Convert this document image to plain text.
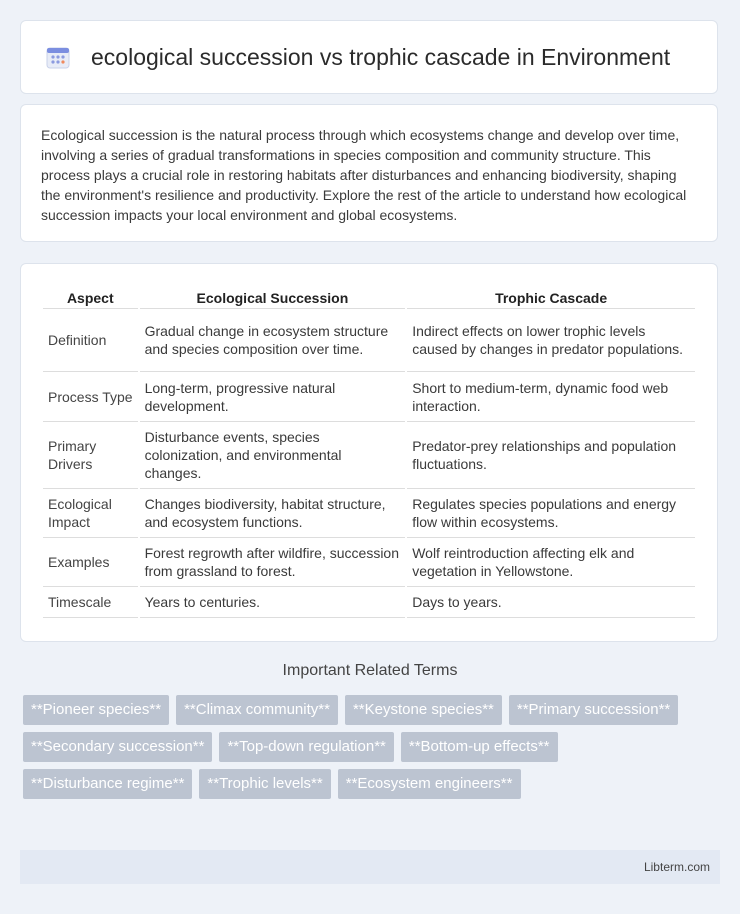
ecological succession vs trophic cascade in Environment

Ecological succession is the natural process through which ecosystems change and develop over time, involving a series of gradual transformations in species composition and community structure. This process plays a crucial role in restoring habitats after disturbances and enhancing biodiversity, shaping the environment's resilience and productivity. Explore the rest of the article to understand how ecological succession impacts your local environment and global ecosystems.

Aspect	Ecological Succession	Trophic Cascade
Definition	Gradual change in ecosystem structure and species composition over time.	Indirect effects on lower trophic levels caused by changes in predator populations.
Process Type	Long-term, progressive natural development.	Short to medium-term, dynamic food web interaction.
Primary Drivers	Disturbance events, species colonization, and environmental changes.	Predator-prey relationships and population fluctuations.
Ecological Impact	Changes biodiversity, habitat structure, and ecosystem functions.	Regulates species populations and energy flow within ecosystems.
Examples	Forest regrowth after wildfire, succession from grassland to forest.	Wolf reintroduction affecting elk and vegetation in Yellowstone.
Timescale	Years to centuries.	Days to years.
Important Related Terms
**Pioneer species**	**Climax community**	**Keystone species**	**Primary succession**
**Secondary succession**	**Top-down regulation**	**Bottom-up effects**
**Disturbance regime**	**Trophic levels**	**Ecosystem engineers**
Libterm.com
